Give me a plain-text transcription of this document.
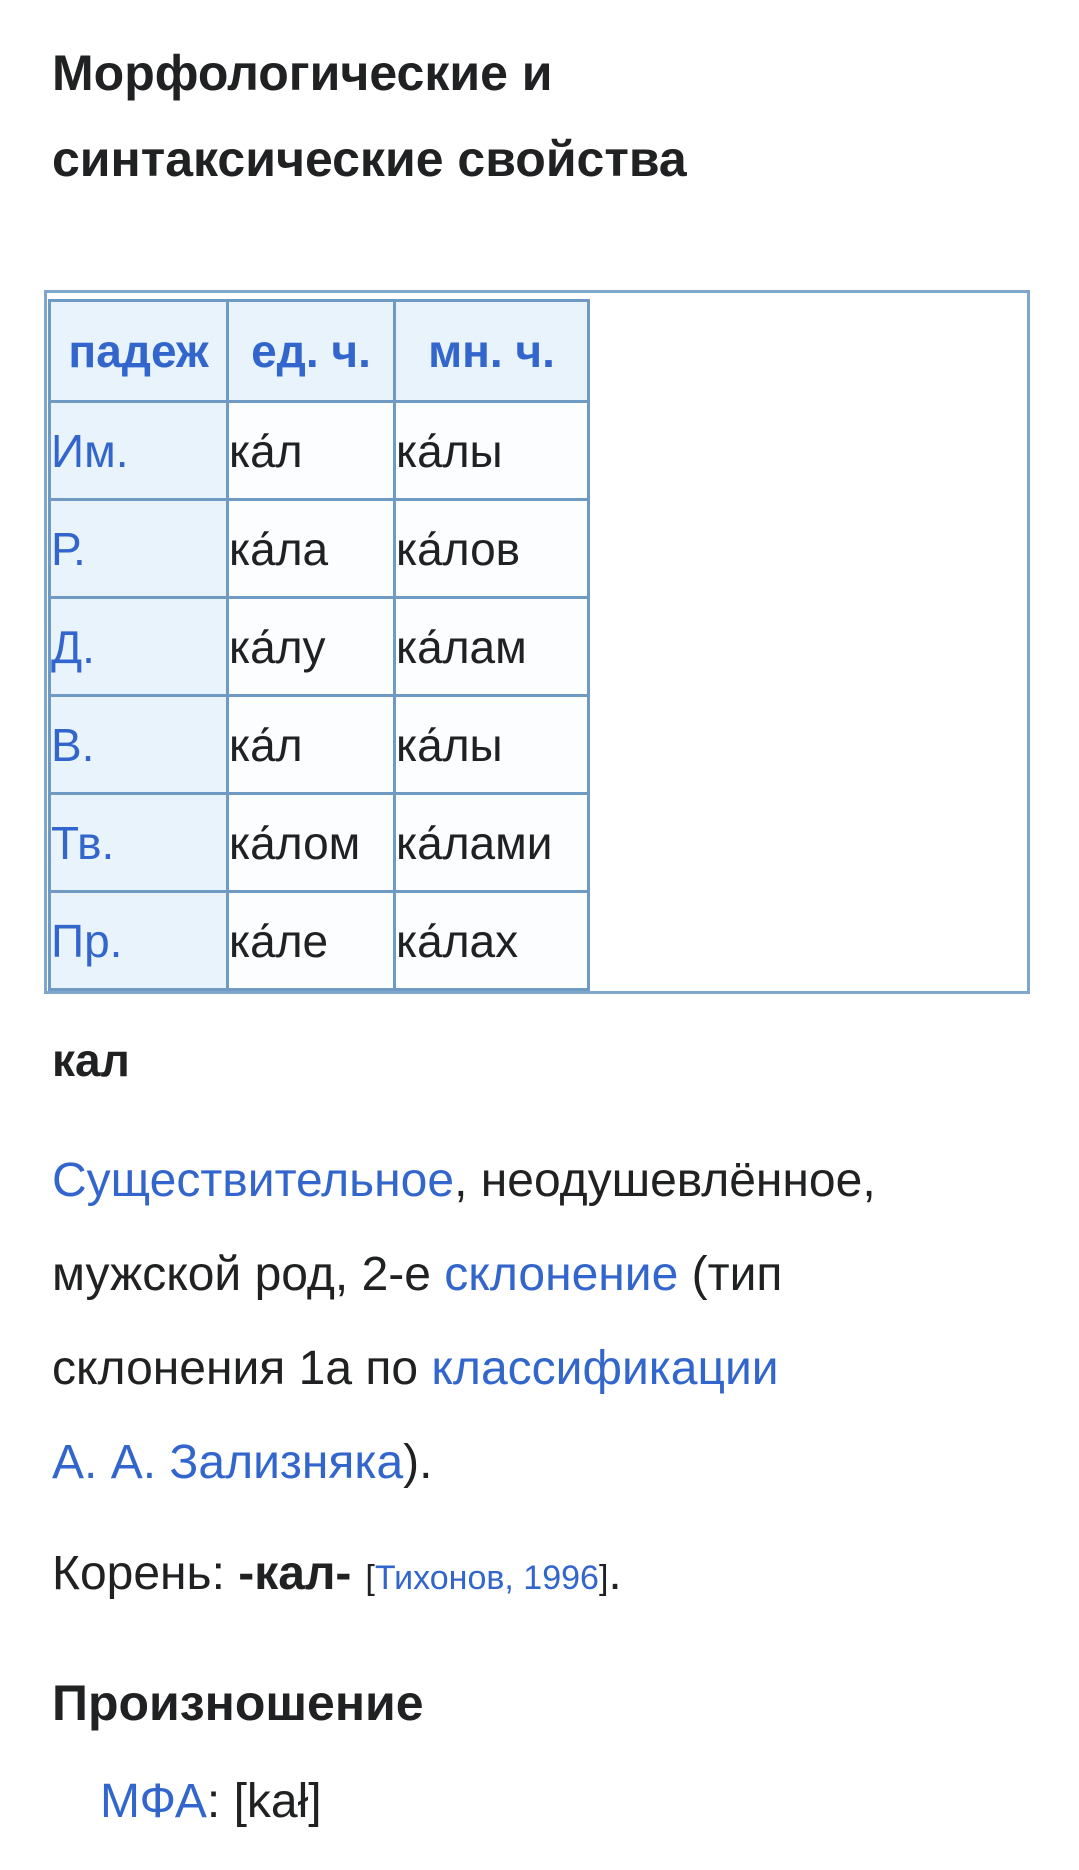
Морфологические и
синтаксические свойства
падеж	ед. ч.	мн. ч.
Им.	ка́л	ка́лы
Р.	ка́ла	ка́лов
Д.	ка́лу	ка́лам
В.	ка́л	ка́лы
Тв.	ка́лом	ка́лами
Пр.	ка́ле	ка́лах
кал
Существительное, неодушевлённое,
мужской род, 2-е склонение (тип
склонения 1а по классификации
А. А. Зализняка).
Корень: -кал- [Тихонов, 1996].
Произношение
МФА: [kał]
